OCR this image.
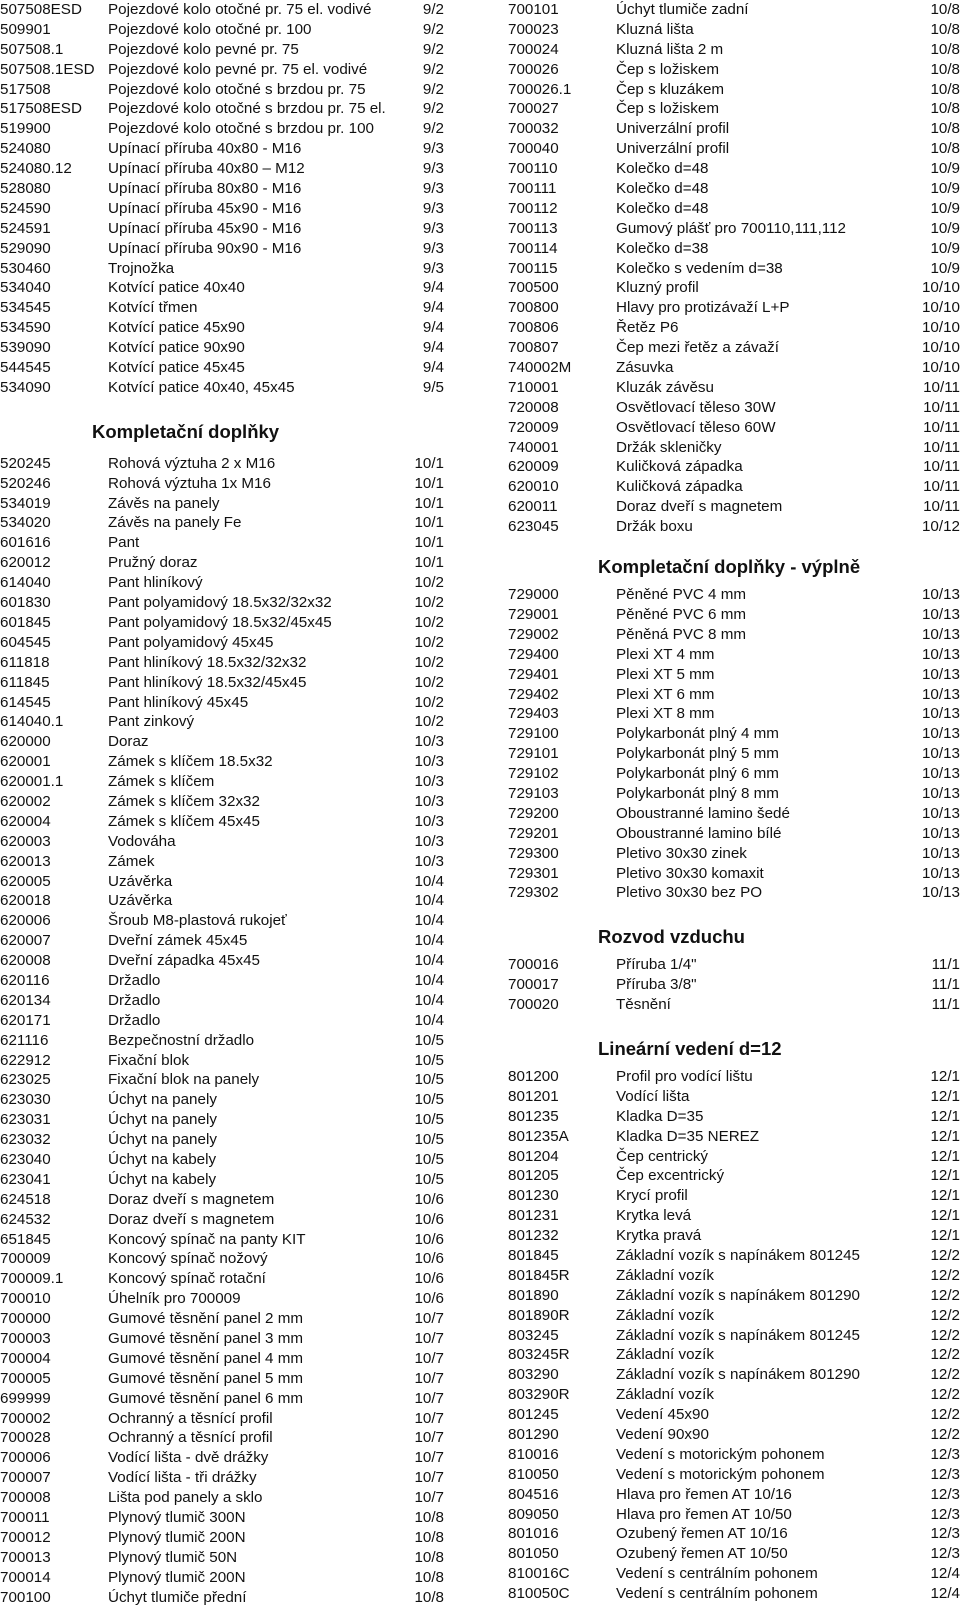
507508ESD Pojezdové kolo otočné pr. 75 el. vodivé	9/2
509901	Pojezdové kolo otočné pr. 100	9/2
507508.1	Pojezdové kolo pevné pr. 75	9/2
507508.1ESD Pojezdové kolo pevné pr. 75 el. vodivé	9/2
517508	Pojezdové kolo otočné s brzdou pr. 75	9/2
517508ESD Pojezdové kolo otočné s brzdou pr. 75 el. 9/2
519900	Pojezdové kolo otočné s brzdou pr. 100	9/2
524080	Upínací příruba 40x80 - M16	9/3
524080.12 Upínací příruba 40x80 – M12	9/3
528080	Upínací příruba 80x80 - M16	9/3
524590	Upínací příruba 45x90 - M16	9/3
524591	Upínací příruba 45x90 - M16	9/3
529090	Upínací příruba 90x90 - M16	9/3
530460	Trojnožka	9/3
534040	Kotvící patice 40x40	9/4
534545	Kotvící třmen	9/4
534590	Kotvící patice 45x90	9/4
539090	Kotvící patice 90x90	9/4
544545	Kotvící patice 45x45	9/4
534090	Kotvící patice 40x40, 45x45	9/5
Kompletační doplňky
520245	Rohová výztuha 2 x M16	10/1
520246	Rohová výztuha 1x M16	10/1
534019	Závěs na panely	10/1
534020	Závěs na panely Fe	10/1
601616	Pant	10/1
620012	Pružný doraz	10/1
614040	Pant hliníkový	10/2
601830	Pant polyamidový 18.5x32/32x32	10/2
601845	Pant polyamidový 18.5x32/45x45	10/2
604545	Pant polyamidový 45x45	10/2
611818	Pant hliníkový 18.5x32/32x32	10/2
611845	Pant hliníkový 18.5x32/45x45	10/2
614545	Pant hliníkový 45x45	10/2
614040.1	Pant zinkový	10/2
620000	Doraz	10/3
620001	Zámek s klíčem 18.5x32	10/3
620001.1	Zámek s klíčem	10/3
620002	Zámek s klíčem 32x32	10/3
620004	Zámek s klíčem 45x45	10/3
620003	Vodováha	10/3
620013	Zámek	10/3
620005	Uzávěrka	10/4
620018	Uzávěrka	10/4
620006	Šroub M8-plastová rukojeť	10/4
620007	Dveřní zámek 45x45	10/4
620008	Dveřní západka 45x45	10/4
620116	Držadlo	10/4
620134	Držadlo	10/4
620171	Držadlo	10/4
621116	Bezpečnostní držadlo	10/5
622912	Fixační blok	10/5
623025	Fixační blok na panely	10/5
623030	Úchyt na panely	10/5
623031	Úchyt na panely	10/5
623032	Úchyt na panely	10/5
623040	Úchyt na kabely	10/5
623041	Úchyt na kabely	10/5
624518	Doraz dveří s magnetem	10/6
624532	Doraz dveří s magnetem	10/6
651845	Koncový spínač na panty KIT	10/6
700009	Koncový spínač nožový	10/6
700009.1	Koncový spínač rotační	10/6
700010	Úhelník pro 700009	10/6
700000	Gumové těsnění panel 2 mm	10/7
700003	Gumové těsnění panel 3 mm	10/7
700004	Gumové těsnění panel 4 mm	10/7
700005	Gumové těsnění panel 5 mm	10/7
699999	Gumové těsnění panel 6 mm	10/7
700002	Ochranný a těsnící profil	10/7
700028	Ochranný a těsnící profil	10/7
700006	Vodící lišta - dvě drážky	10/7
700007	Vodící lišta - tři drážky	10/7
700008	Lišta pod panely a sklo	10/7
700011	Plynový tlumič 300N	10/8
700012	Plynový tlumič 200N	10/8
700013	Plynový tlumič 50N	10/8
700014	Plynový tlumič 200N	10/8
700100	Úchyt tlumiče přední	10/8
700101	Úchyt tlumiče zadní	10/8
700023	Kluzná lišta	10/8
700024	Kluzná lišta 2 m	10/8
700026	Čep s ložiskem	10/8
700026.1	Čep s kluzákem	10/8
700027	Čep s ložiskem	10/8
700032	Univerzální profil	10/8
700040	Univerzální profil	10/8
700110	Kolečko d=48	10/9
700111	Kolečko d=48	10/9
700112	Kolečko d=48	10/9
700113	Gumový plášť pro 700110,111,112	10/9
700114	Kolečko d=38	10/9
700115	Kolečko s vedením d=38	10/9
700500	Kluzný profil	10/10
700800	Hlavy pro protizávaží L+P	10/10
700806	Řetěz P6	10/10
700807	Čep mezi řetěz a závaží	10/10
740002M	Zásuvka	10/10
710001	Kluzák závěsu	10/11
720008	Osvětlovací těleso 30W	10/11
720009	Osvětlovací těleso 60W	10/11
740001	Držák skleničky	10/11
620009	Kuličková západka	10/11
620010	Kuličková západka	10/11
620011	Doraz dveří s magnetem	10/11
623045	Držák boxu	10/12
Kompletační doplňky - výplně
729000	Pěněné PVC 4 mm	10/13
729001	Pěněné PVC 6 mm	10/13
729002	Pěněná PVC 8 mm	10/13
729400	Plexi XT 4 mm	10/13
729401	Plexi XT 5 mm	10/13
729402	Plexi XT 6 mm	10/13
729403	Plexi XT 8 mm	10/13
729100	Polykarbonát plný 4 mm	10/13
729101	Polykarbonát plný 5 mm	10/13
729102	Polykarbonát plný 6 mm	10/13
729103	Polykarbonát plný 8 mm	10/13
729200	Oboustranné lamino šedé	10/13
729201	Oboustranné lamino bílé	10/13
729300	Pletivo 30x30 zinek	10/13
729301	Pletivo 30x30 komaxit	10/13
729302	Pletivo 30x30 bez PO	10/13
Rozvod vzduchu
700016	Příruba 1/4"	11/1
700017	Příruba 3/8"	11/1
700020	Těsnění	11/1
Lineární vedení d=12
801200	Profil pro vodící lištu	12/1
801201	Vodící lišta	12/1
801235	Kladka D=35	12/1
801235A	Kladka D=35 NEREZ	12/1
801204	Čep centrický	12/1
801205	Čep excentrický	12/1
801230	Krycí profil	12/1
801231	Krytka levá	12/1
801232	Krytka pravá	12/1
801845	Základní vozík s napínákem 801245	12/2
801845R	Základní vozík	12/2
801890	Základní vozík s napínákem 801290	12/2
801890R	Základní vozík	12/2
803245	Základní vozík s napínákem 801245	12/2
803245R	Základní vozík	12/2
803290	Základní vozík s napínákem 801290	12/2
803290R	Základní vozík	12/2
801245	Vedení 45x90	12/2
801290	Vedení 90x90	12/2
810016	Vedení s motorickým pohonem	12/3
810050	Vedení s motorickým pohonem	12/3
804516	Hlava pro řemen AT 10/16	12/3
809050	Hlava pro řemen AT 10/50	12/3
801016	Ozubený řemen AT 10/16	12/3
801050	Ozubený řemen AT 10/50	12/3
810016C	Vedení s centrálním pohonem	12/4
810050C	Vedení s centrálním pohonem	12/4
